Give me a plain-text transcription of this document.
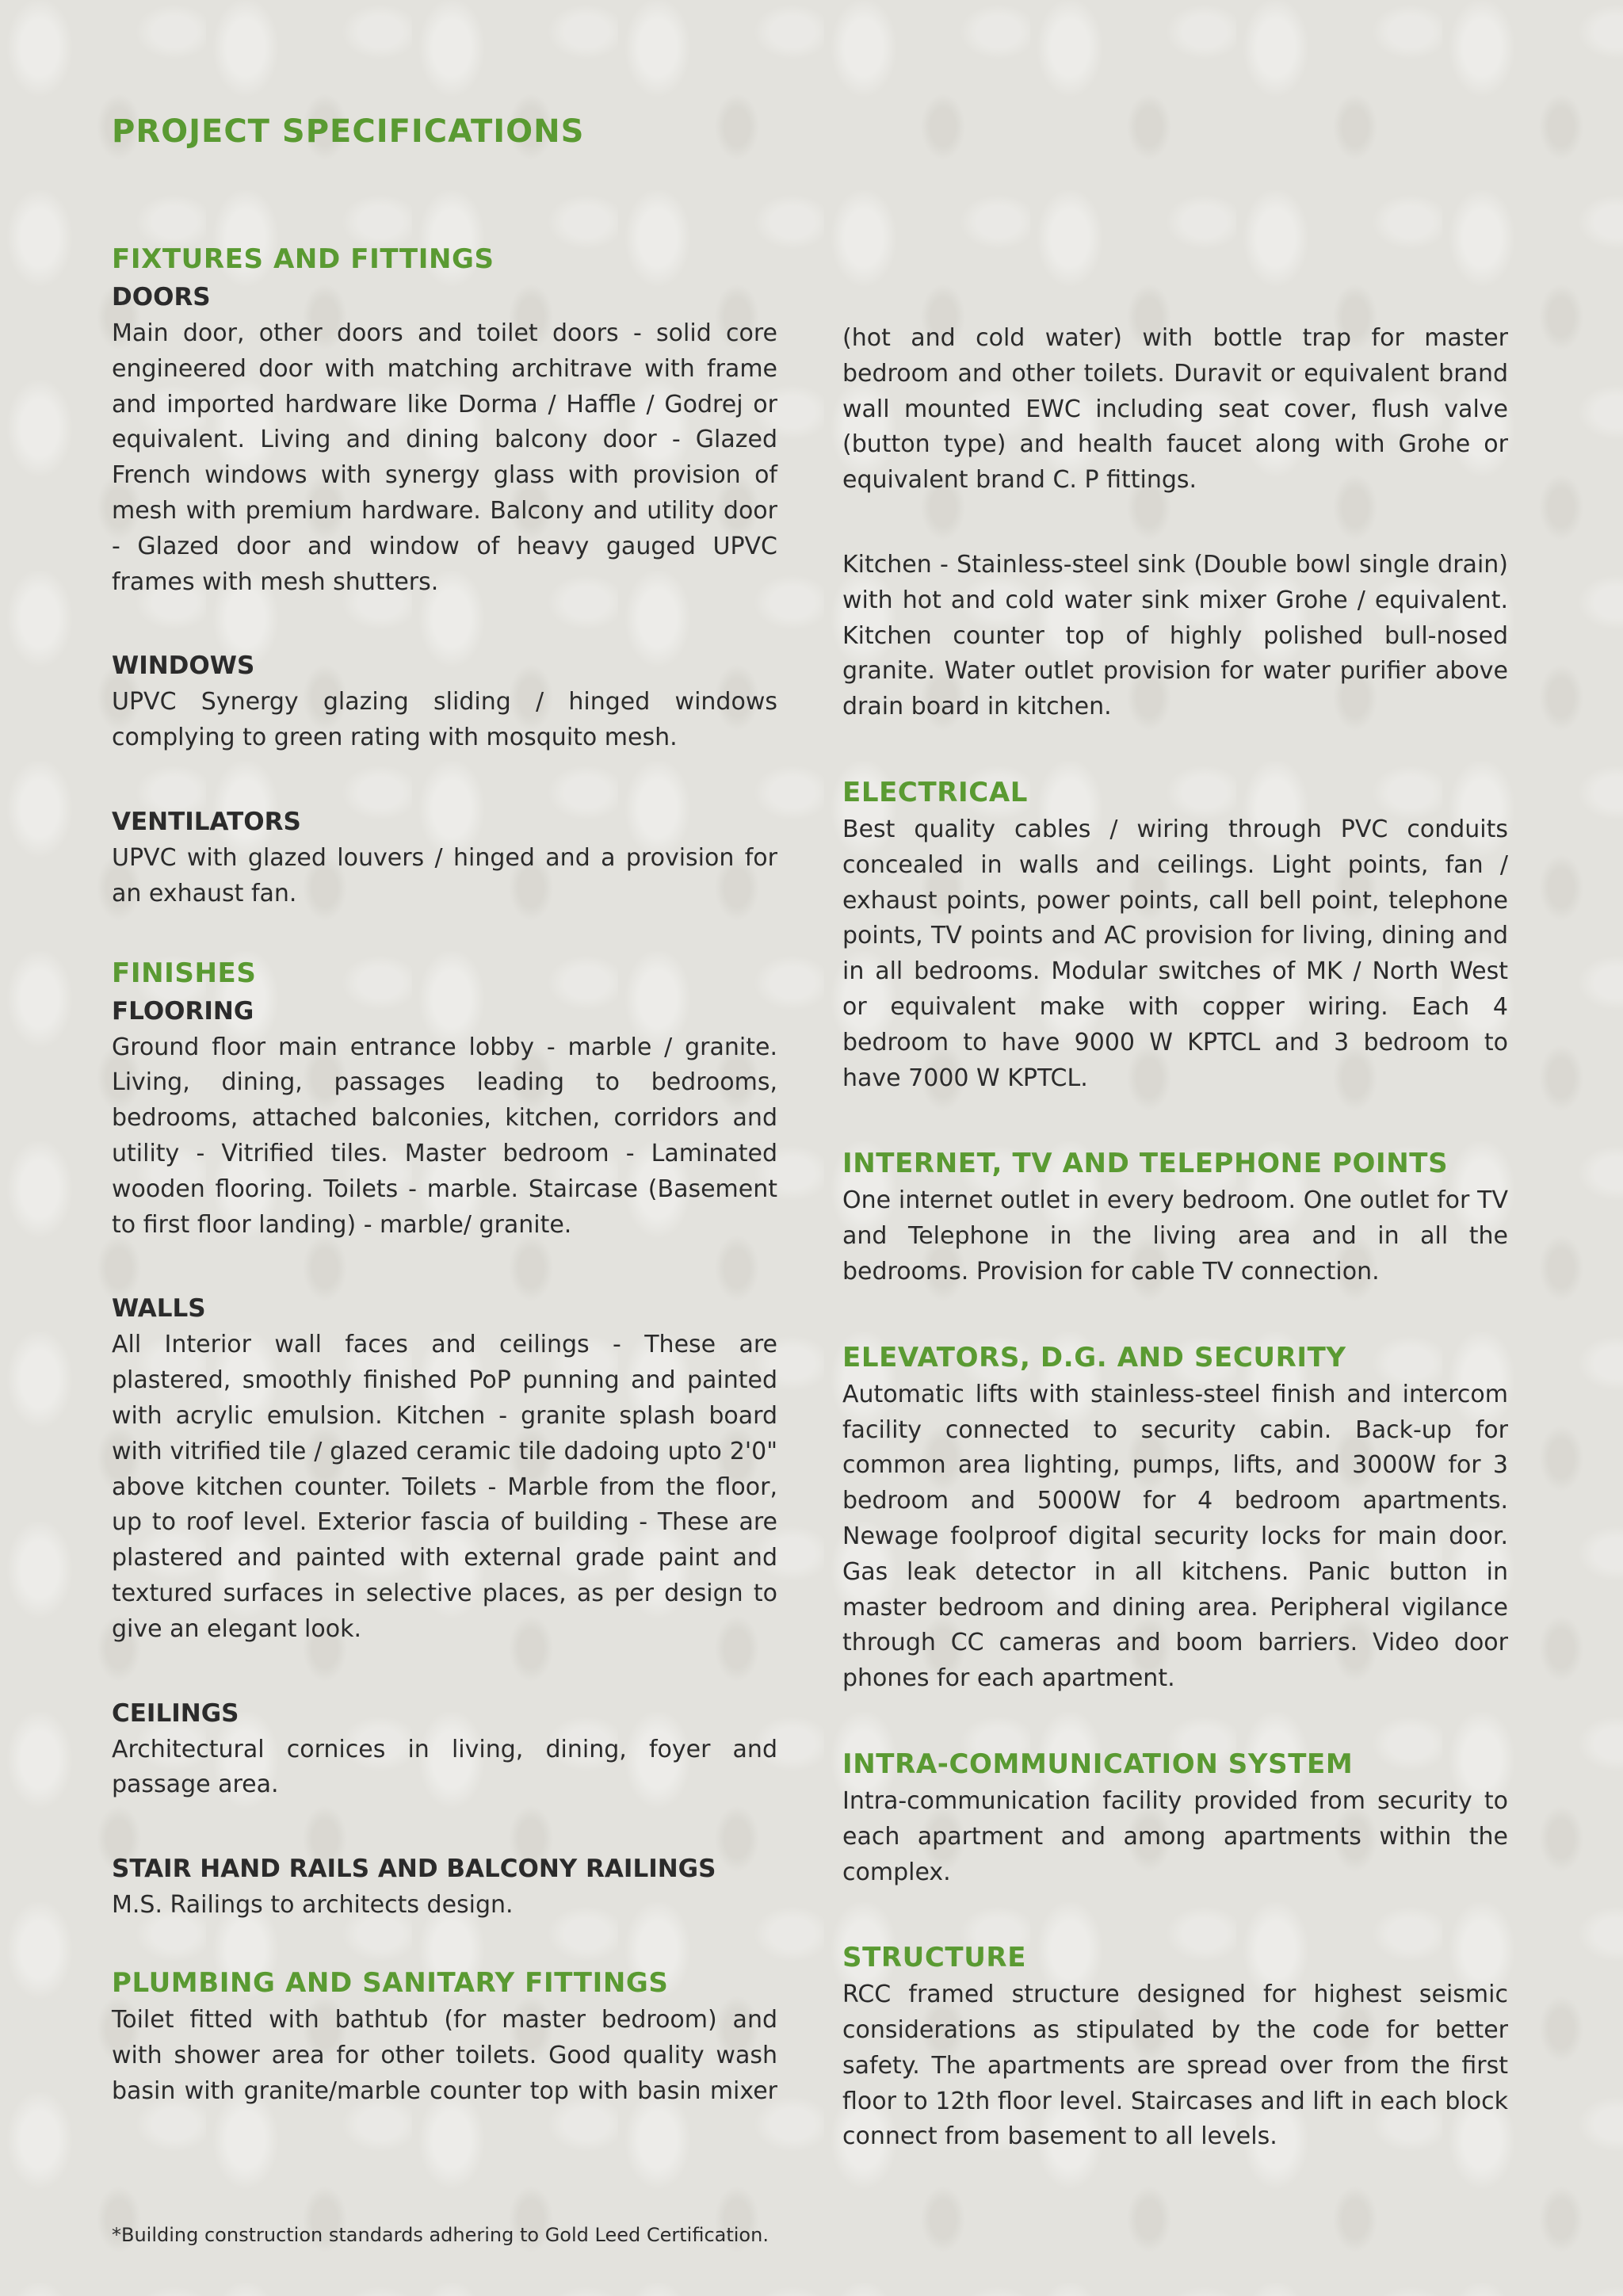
PROJECT SPECIFICATIONS
FIXTURES AND FITTINGS
DOORS

Main door, other doors and toilet doors - solid core engineered door with matching architrave with frame and imported hardware like Dorma / Haffle / Godrej or equivalent. Living and dining balcony door - Glazed French windows with synergy glass with provision of mesh with premium hardware. Balcony and utility door - Glazed door and window of heavy gauged UPVC frames with mesh shutters.

WINDOWS

UPVC Synergy glazing sliding / hinged windows complying to green rating with mosquito mesh.

VENTILATORS

UPVC with glazed louvers / hinged and a provision for an exhaust fan.

FINISHES
FLOORING

Ground floor main entrance lobby - marble / granite. Living, dining, passages leading to bedrooms, bedrooms, attached balconies, kitchen, corridors and utility - Vitrified tiles. Master bedroom - Laminated wooden flooring. Toilets - marble. Staircase (Basement to first floor landing) - marble/ granite.

WALLS

All Interior wall faces and ceilings - These are plastered, smoothly finished PoP punning and painted with acrylic emulsion. Kitchen - granite splash board with vitrified tile / glazed ceramic tile dadoing upto 2'0" above kitchen counter. Toilets - Marble from the floor, up to roof level. Exterior fascia of building - These are plastered and painted with external grade paint and textured surfaces in selective places, as per design to give an elegant look.

CEILINGS

Architectural cornices in living, dining, foyer and passage area.

STAIR HAND RAILS AND BALCONY RAILINGS

M.S. Railings to architects design.

PLUMBING AND SANITARY FITTINGS

Toilet fitted with bathtub (for master bedroom) and with shower area for other toilets. Good quality wash basin with granite/marble counter top with basin mixer

(hot and cold water) with bottle trap for master bedroom and other toilets. Duravit or equivalent brand wall mounted EWC including seat cover, flush valve (button type) and health faucet along with Grohe or equivalent brand C. P fittings.

Kitchen - Stainless-steel sink (Double bowl single drain) with hot and cold water sink mixer Grohe / equivalent. Kitchen counter top of highly polished bull-nosed granite. Water outlet provision for water purifier above drain board in kitchen.

ELECTRICAL

Best quality cables / wiring through PVC conduits concealed in walls and ceilings. Light points, fan / exhaust points, power points, call bell point, telephone points, TV points and AC provision for living, dining and in all bedrooms. Modular switches of MK / North West or equivalent make with copper wiring. Each 4 bedroom to have 9000 W KPTCL and 3 bedroom to have 7000 W KPTCL.

INTERNET, TV AND TELEPHONE POINTS

One internet outlet in every bedroom. One outlet for TV and Telephone in the living area and in all the bedrooms. Provision for cable TV connection.

ELEVATORS, D.G. AND SECURITY

Automatic lifts with stainless-steel finish and intercom facility connected to security cabin. Back-up for common area lighting, pumps, lifts, and 3000W for 3 bedroom and 5000W for 4 bedroom apartments. Newage foolproof digital security locks for main door. Gas leak detector in all kitchens. Panic button in master bedroom and dining area. Peripheral vigilance through CC cameras and boom barriers. Video door phones for each apartment.

INTRA-COMMUNICATION SYSTEM

Intra-communication facility provided from security to each apartment and among apartments within the complex.

STRUCTURE

RCC framed structure designed for highest seismic considerations as stipulated by the code for better safety. The apartments are spread over from the first floor to 12th floor level. Staircases and lift in each block connect from basement to all levels.

*Building construction standards adhering to Gold Leed Certification.
